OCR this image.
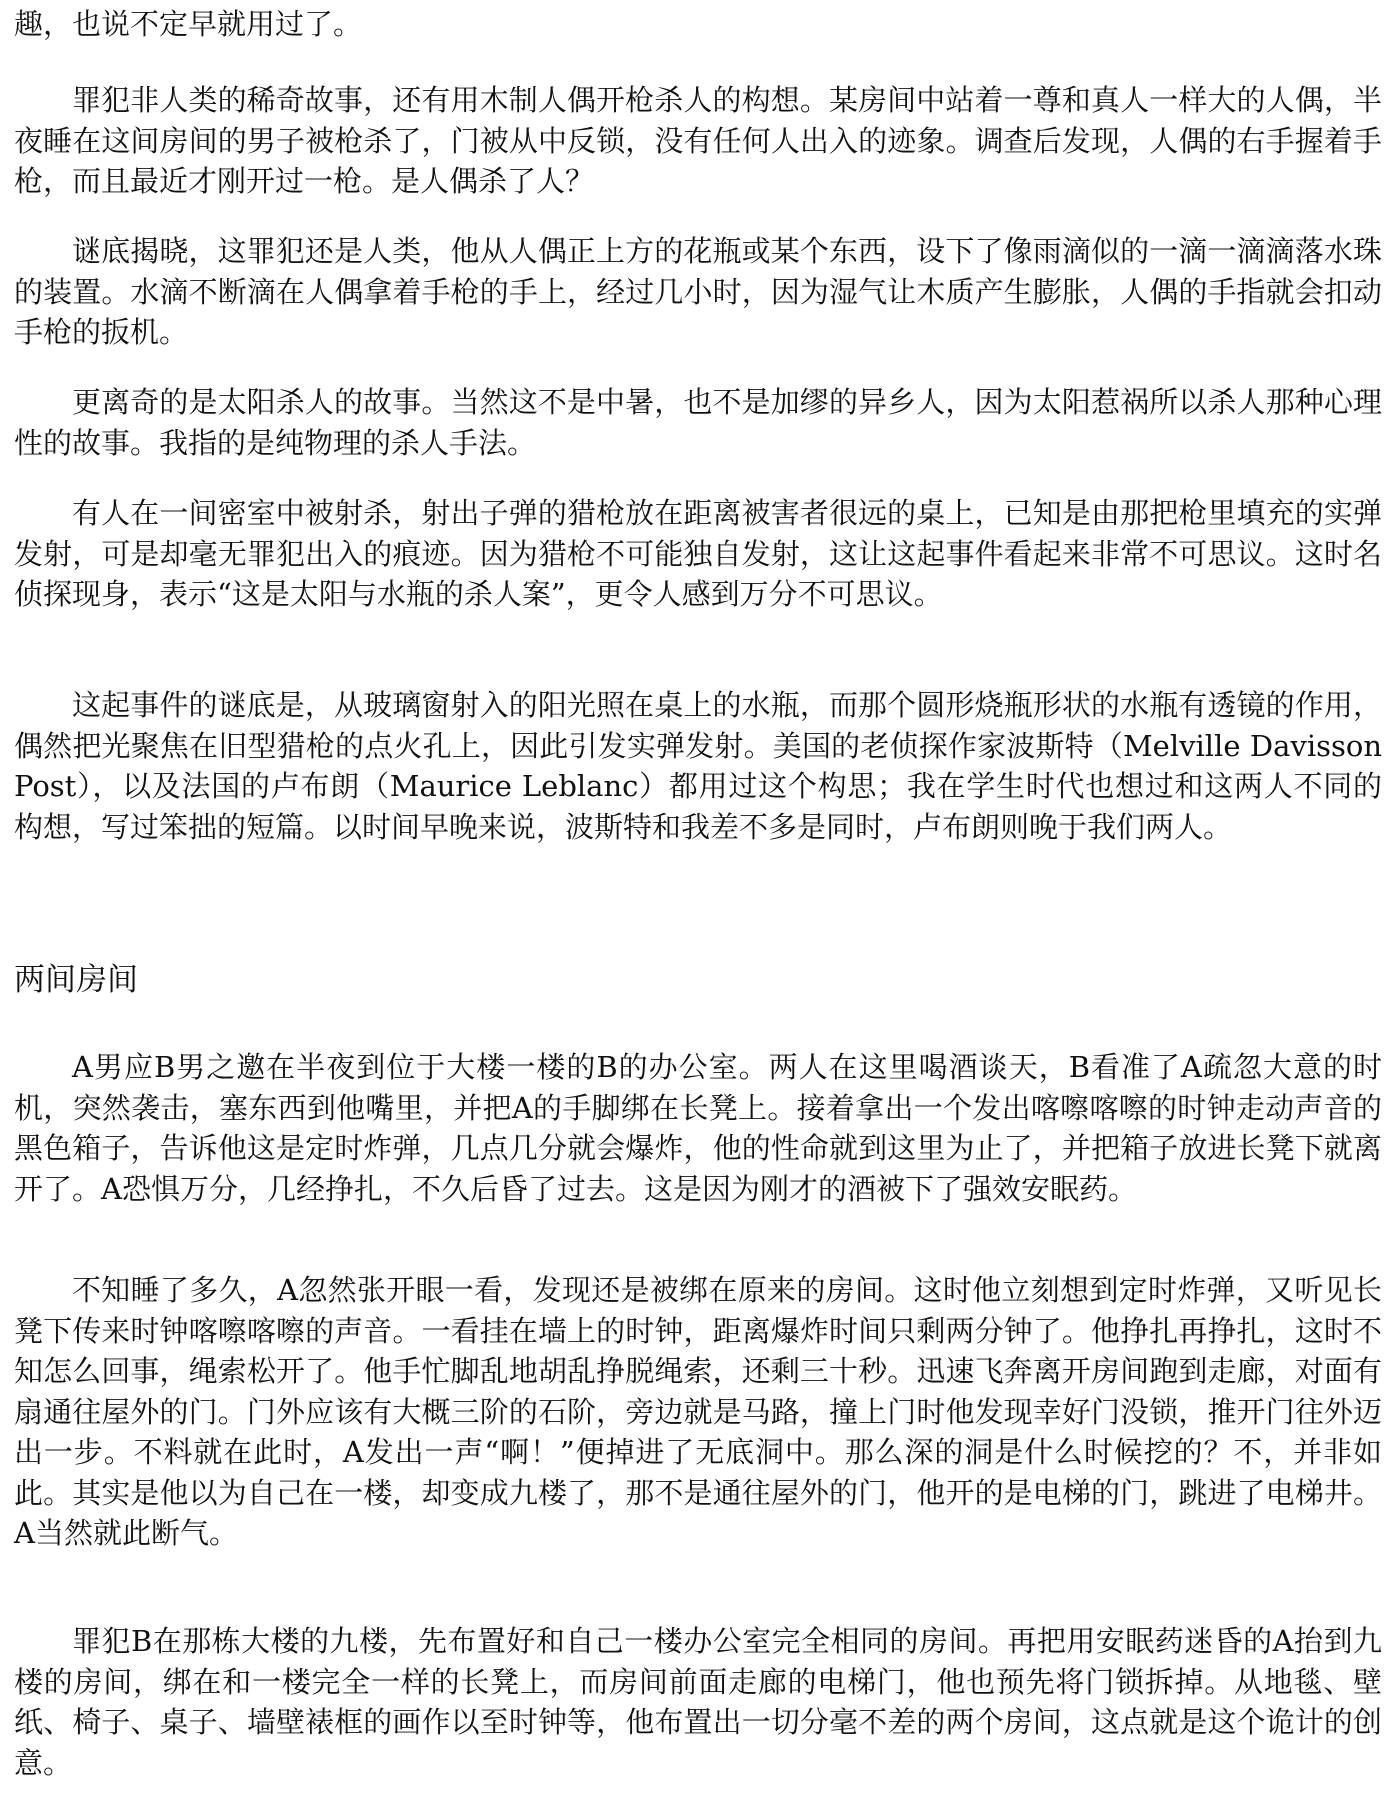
趣，也说不定早就用过了。

罪犯非人类的稀奇故事，还有用木制人偶开枪杀人的构想。某房间中站着一尊和真人一样大的人偶，半夜睡在这间房间的男子被枪杀了，门被从中反锁，没有任何人出入的迹象。调查后发现，人偶的右手握着手枪，而且最近才刚开过一枪。是人偶杀了人？

谜底揭晓，这罪犯还是人类，他从人偶正上方的花瓶或某个东西，设下了像雨滴似的一滴一滴滴落水珠的装置。水滴不断滴在人偶拿着手枪的手上，经过几小时，因为湿气让木质产生膨胀，人偶的手指就会扣动手枪的扳机。

更离奇的是太阳杀人的故事。当然这不是中暑，也不是加缪的异乡人，因为太阳惹祸所以杀人那种心理性的故事。我指的是纯物理的杀人手法。

有人在一间密室中被射杀，射出子弹的猎枪放在距离被害者很远的桌上，已知是由那把枪里填充的实弹发射，可是却毫无罪犯出入的痕迹。因为猎枪不可能独自发射，这让这起事件看起来非常不可思议。这时名侦探现身，表示“这是太阳与水瓶的杀人案”，更令人感到万分不可思议。

这起事件的谜底是，从玻璃窗射入的阳光照在桌上的水瓶，而那个圆形烧瓶形状的水瓶有透镜的作用，偶然把光聚焦在旧型猎枪的点火孔上，因此引发实弹发射。美国的老侦探作家波斯特（Melville Davisson Post），以及法国的卢布朗（Maurice Leblanc）都用过这个构思；我在学生时代也想过和这两人不同的构想，写过笨拙的短篇。以时间早晚来说，波斯特和我差不多是同时，卢布朗则晚于我们两人。

两间房间

A男应B男之邀在半夜到位于大楼一楼的B的办公室。两人在这里喝酒谈天，B看准了A疏忽大意的时机，突然袭击，塞东西到他嘴里，并把A的手脚绑在长凳上。接着拿出一个发出喀嚓喀嚓的时钟走动声音的黑色箱子，告诉他这是定时炸弹，几点几分就会爆炸，他的性命就到这里为止了，并把箱子放进长凳下就离开了。A恐惧万分，几经挣扎，不久后昏了过去。这是因为刚才的酒被下了强效安眠药。

不知睡了多久，A忽然张开眼一看，发现还是被绑在原来的房间。这时他立刻想到定时炸弹，又听见长凳下传来时钟喀嚓喀嚓的声音。一看挂在墙上的时钟，距离爆炸时间只剩两分钟了。他挣扎再挣扎，这时不知怎么回事，绳索松开了。他手忙脚乱地胡乱挣脱绳索，还剩三十秒。迅速飞奔离开房间跑到走廊，对面有扇通往屋外的门。门外应该有大概三阶的石阶，旁边就是马路，撞上门时他发现幸好门没锁，推开门往外迈出一步。不料就在此时，A发出一声“啊！”便掉进了无底洞中。那么深的洞是什么时候挖的？不，并非如此。其实是他以为自己在一楼，却变成九楼了，那不是通往屋外的门，他开的是电梯的门，跳进了电梯井。A当然就此断气。

罪犯B在那栋大楼的九楼，先布置好和自己一楼办公室完全相同的房间。再把用安眠药迷昏的A抬到九楼的房间，绑在和一楼完全一样的长凳上，而房间前面走廊的电梯门，他也预先将门锁拆掉。从地毯、壁纸、椅子、桌子、墙壁裱框的画作以至时钟等，他布置出一切分毫不差的两个房间，这点就是这个诡计的创意。
